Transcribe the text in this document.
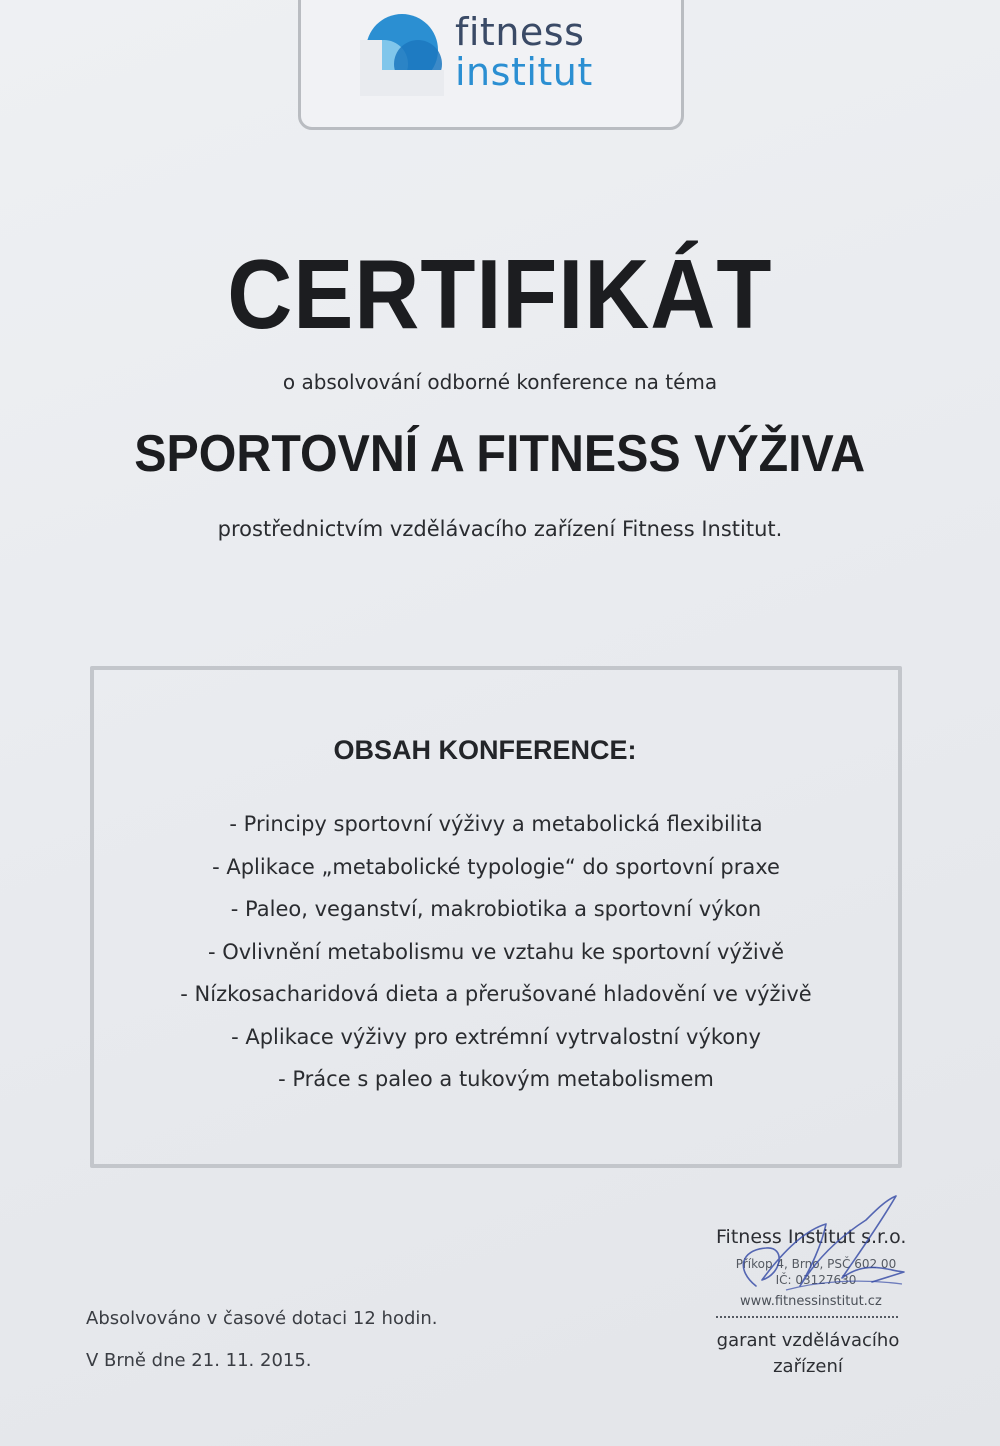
fitness
institut
CERTIFIKÁT
o absolvování odborné konference na téma
SPORTOVNÍ A FITNESS VÝŽIVA
prostřednictvím vzdělávacího zařízení Fitness Institut.
OBSAH KONFERENCE:
- Principy sportovní výživy a metabolická flexibilita
- Aplikace „metabolické typologie“ do sportovní praxe
- Paleo, veganství, makrobiotika a sportovní výkon
- Ovlivnění metabolismu ve vztahu ke sportovní výživě
- Nízkosacharidová dieta a přerušované hladovění ve výživě
- Aplikace výživy pro extrémní vytrvalostní výkony
- Práce s paleo a tukovým metabolismem
Fitness Institut s.r.o.
Příkop 4, Brno, PSČ 602 00
IČ: 03127630
www.fitnessinstitut.cz
garant vzdělávacího
zařízení
Absolvováno v časové dotaci 12 hodin.
V Brně dne 21. 11. 2015.
